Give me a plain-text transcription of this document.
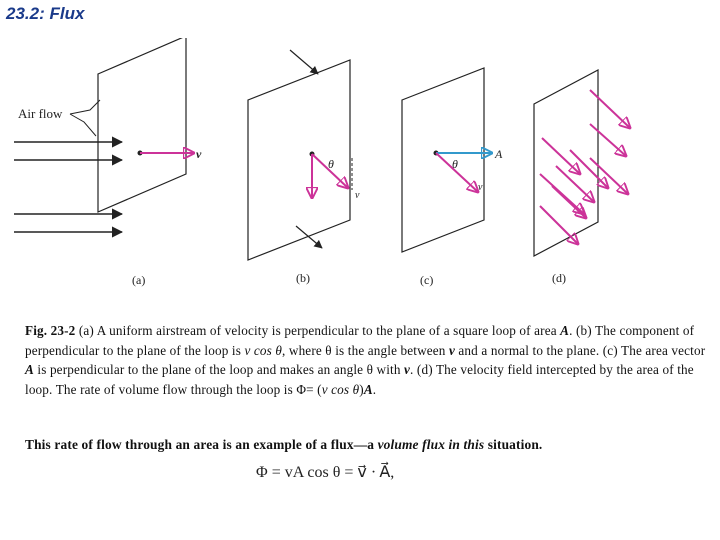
23.2: Flux
Air flow
v
θ
v
A
θ
v
(a)	(b)	(c)	(d)

Fig. 23-2 (a) A uniform airstream of velocity is perpendicular to the plane of a square loop of area A. (b) The component of perpendicular to the plane of the loop is v cos θ, where θ is the angle between v and a normal to the plane. (c) The area vector A is perpendicular to the plane of the loop and makes an angle θ with v. (d) The velocity field intercepted by the area of the loop. The rate of volume flow through the loop is Φ= (v cos θ)A.

This rate of flow through an area is an example of a flux—a volume flux in this situation.

Φ = vA cos θ = v⃗ · A⃗,
